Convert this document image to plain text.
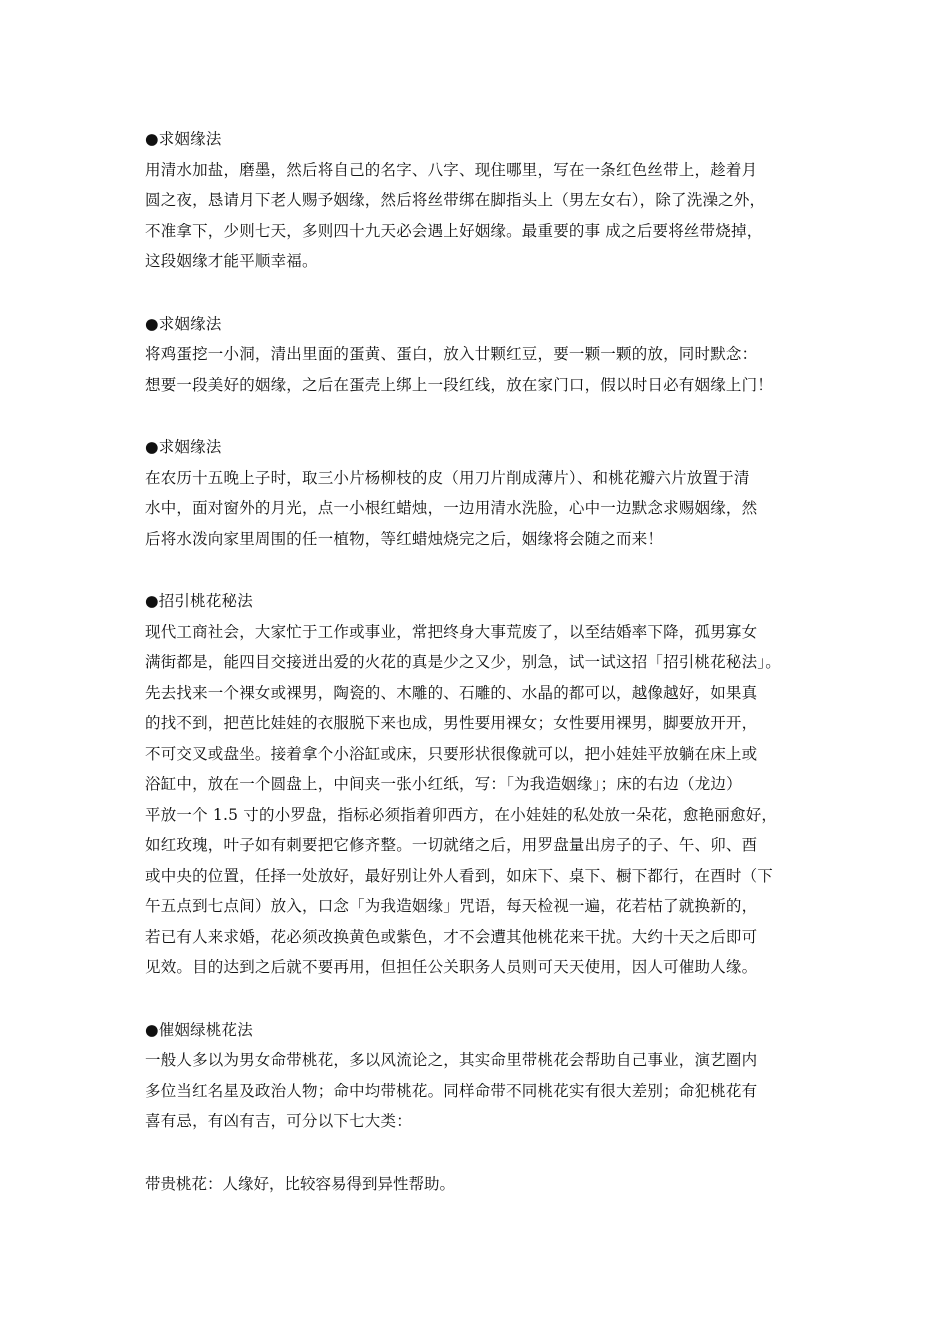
●求姻缘法
用清水加盐，磨墨，然后将自己的名字、八字、现住哪里，写在一条红色丝带上，趁着月
圆之夜，恳请月下老人赐予姻缘，然后将丝带绑在脚指头上（男左女右），除了洗澡之外，
不准拿下，少则七天，多则四十九天必会遇上好姻缘。最重要的事 成之后要将丝带烧掉，
这段姻缘才能平顺幸福。
●求姻缘法
将鸡蛋挖一小洞，清出里面的蛋黄、蛋白，放入廿颗红豆，要一颗一颗的放，同时默念：
想要一段美好的姻缘，之后在蛋壳上绑上一段红线，放在家门口，假以时日必有姻缘上门！
●求姻缘法
在农历十五晚上子时，取三小片杨柳枝的皮（用刀片削成薄片）、和桃花瓣六片放置于清
水中，面对窗外的月光，点一小根红蜡烛，一边用清水洗脸，心中一边默念求赐姻缘，然
后将水泼向家里周围的任一植物，等红蜡烛烧完之后，姻缘将会随之而来！
●招引桃花秘法
现代工商社会，大家忙于工作或事业，常把终身大事荒废了，以至结婚率下降，孤男寡女
满街都是，能四目交接迸出爱的火花的真是少之又少，别急，试一试这招「招引桃花秘法」。
先去找来一个裸女或裸男，陶瓷的、木雕的、石雕的、水晶的都可以，越像越好，如果真
的找不到，把芭比娃娃的衣服脱下来也成，男性要用裸女；女性要用裸男，脚要放开开，
不可交叉或盘坐。接着拿个小浴缸或床，只要形状很像就可以，把小娃娃平放躺在床上或
浴缸中，放在一个圆盘上，中间夹一张小红纸，写：「为我造姻缘」；床的右边（龙边）
平放一个 1.5 寸的小罗盘，指标必须指着卯西方，在小娃娃的私处放一朵花，愈艳丽愈好，
如红玫瑰，叶子如有刺要把它修齐整。一切就绪之后，用罗盘量出房子的子、午、卯、酉
或中央的位置，任择一处放好，最好别让外人看到，如床下、桌下、橱下都行，在酉时（下
午五点到七点间）放入，口念「为我造姻缘」咒语，每天检视一遍，花若枯了就换新的，
若已有人来求婚，花必须改换黄色或紫色，才不会遭其他桃花来干扰。大约十天之后即可
见效。目的达到之后就不要再用，但担任公关职务人员则可天天使用，因人可催助人缘。
●催姻绿桃花法
一般人多以为男女命带桃花，多以风流论之，其实命里带桃花会帮助自己事业，演艺圈内
多位当红名星及政治人物；命中均带桃花。同样命带不同桃花实有很大差别；命犯桃花有
喜有忌，有凶有吉，可分以下七大类：
带贵桃花：人缘好，比较容易得到异性帮助。
